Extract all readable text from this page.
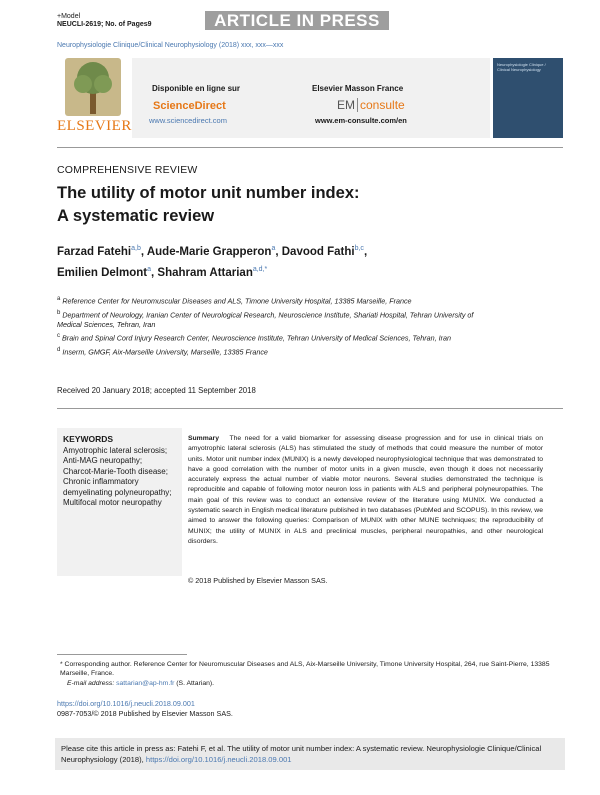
+Model
NEUCLI-2619; No. of Pages9	ARTICLE IN PRESS
Neurophysiologie Clinique/Clinical Neurophysiology (2018) xxx, xxx—xxx
ELSEVIER
Disponible en ligne sur
ScienceDirect
www.sciencedirect.com
Elsevier Masson France
EM consulte
www.em-consulte.com/en
Neurophysiologie Clinique / Clinical Neurophysiology
COMPREHENSIVE REVIEW
The utility of motor unit number index:
A systematic review
Farzad Fatehi$^{a,b}$, Aude-Marie Grapperon$^a$, Davood Fathi$^{b,c}$,
Emilien Delmont$^a$, Shahram Attarian$^{a,d,*}$
$^a$ Reference Center for Neuromuscular Diseases and ALS, Timone University Hospital, 13385 Marseille, France
$^b$ Department of Neurology, Iranian Center of Neurological Research, Neuroscience Institute, Shariati Hospital, Tehran University of Medical Sciences, Tehran, Iran
$^c$ Brain and Spinal Cord Injury Research Center, Neuroscience Institute, Tehran University of Medical Sciences, Tehran, Iran
$^d$ Inserm, GMGF, Aix-Marseille University, Marseille, 13385 France
Received 20 January 2018; accepted 11 September 2018
KEYWORDS
Amyotrophic lateral sclerosis;
Anti-MAG neuropathy;
Charcot-Marie-Tooth disease;
Chronic inflammatory demyelinating polyneuropathy;
Multifocal motor neuropathy
Summary The need for a valid biomarker for assessing disease progression and for use in clinical trials on amyotrophic lateral sclerosis (ALS) has stimulated the study of methods that could measure the number of motor units. Motor unit number index (MUNIX) is a newly developed neurophysiological technique that was demonstrated to have a good correlation with the number of motor units in a given muscle, even though it does not necessarily accurately express the actual number of viable motor neurons. Several studies demonstrated the technique is reproducible and capable of following motor neuron loss in patients with ALS and peripheral polyneuropathies. The main goal of this review was to conduct an extensive review of the literature using MUNIX. We conducted a systematic search in English medical literature published in two databases (PubMed and SCOPUS). In this review, we aimed to answer the following queries: Comparison of MUNIX with other MUNE techniques; the reproducibility of MUNIX; the utility of MUNIX in ALS and preclinical muscles, peripheral neuropathies, and other neurological disorders.
© 2018 Published by Elsevier Masson SAS.
* Corresponding author. Reference Center for Neuromuscular Diseases and ALS, Aix-Marseille University, Timone University Hospital, 264, rue Saint-Pierre, 13385 Marseille, France.
E-mail address: sattarian@ap-hm.fr (S. Attarian).
https://doi.org/10.1016/j.neucli.2018.09.001
0987-7053/© 2018 Published by Elsevier Masson SAS.
Please cite this article in press as: Fatehi F, et al. The utility of motor unit number index: A systematic review. Neurophysiologie Clinique/Clinical Neurophysiology (2018), https://doi.org/10.1016/j.neucli.2018.09.001
